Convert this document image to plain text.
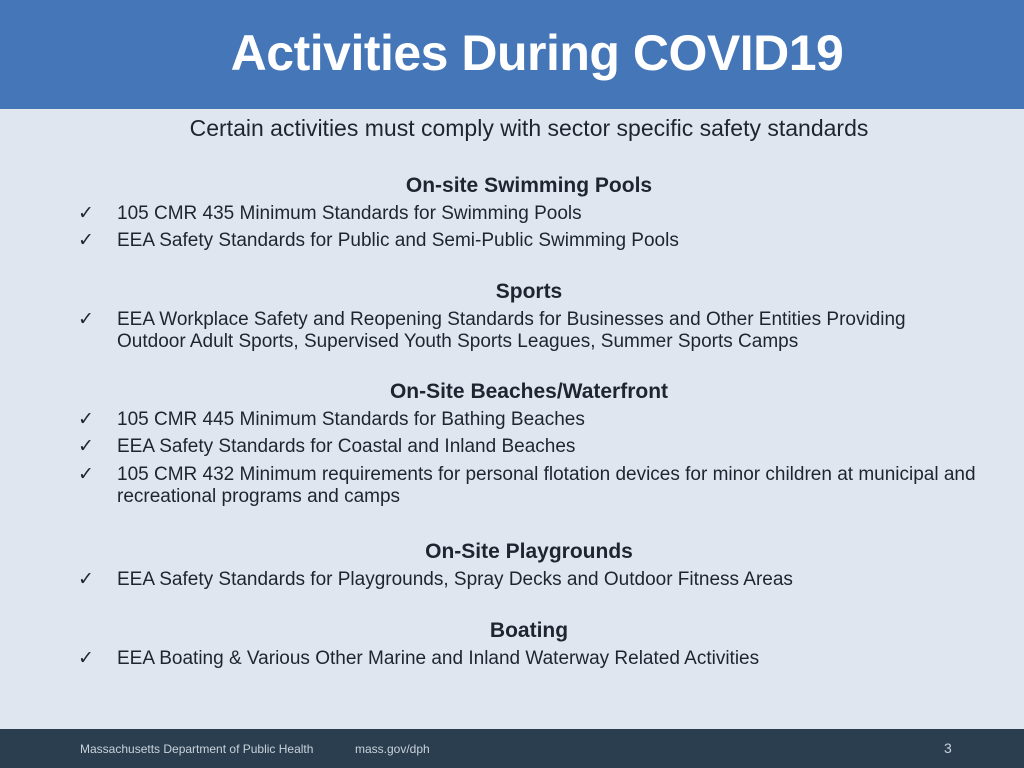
Activities During COVID19
Certain activities must comply with sector specific safety standards
On-site Swimming Pools
✓ 105 CMR 435 Minimum Standards for Swimming Pools
✓ EEA Safety Standards for Public and Semi-Public Swimming Pools
Sports
✓ EEA Workplace Safety and Reopening Standards for Businesses and Other Entities Providing Outdoor Adult Sports, Supervised Youth Sports Leagues, Summer Sports Camps
On-Site Beaches/Waterfront
✓ 105 CMR 445 Minimum Standards for Bathing Beaches
✓ EEA Safety Standards for Coastal and Inland Beaches
✓ 105 CMR 432 Minimum requirements for personal flotation devices for minor children at municipal and recreational programs and camps
On-Site Playgrounds
✓ EEA Safety Standards for Playgrounds, Spray Decks and Outdoor Fitness Areas
Boating
✓ EEA Boating & Various Other Marine and Inland Waterway Related Activities
Massachusetts Department of Public Health	mass.gov/dph	3
